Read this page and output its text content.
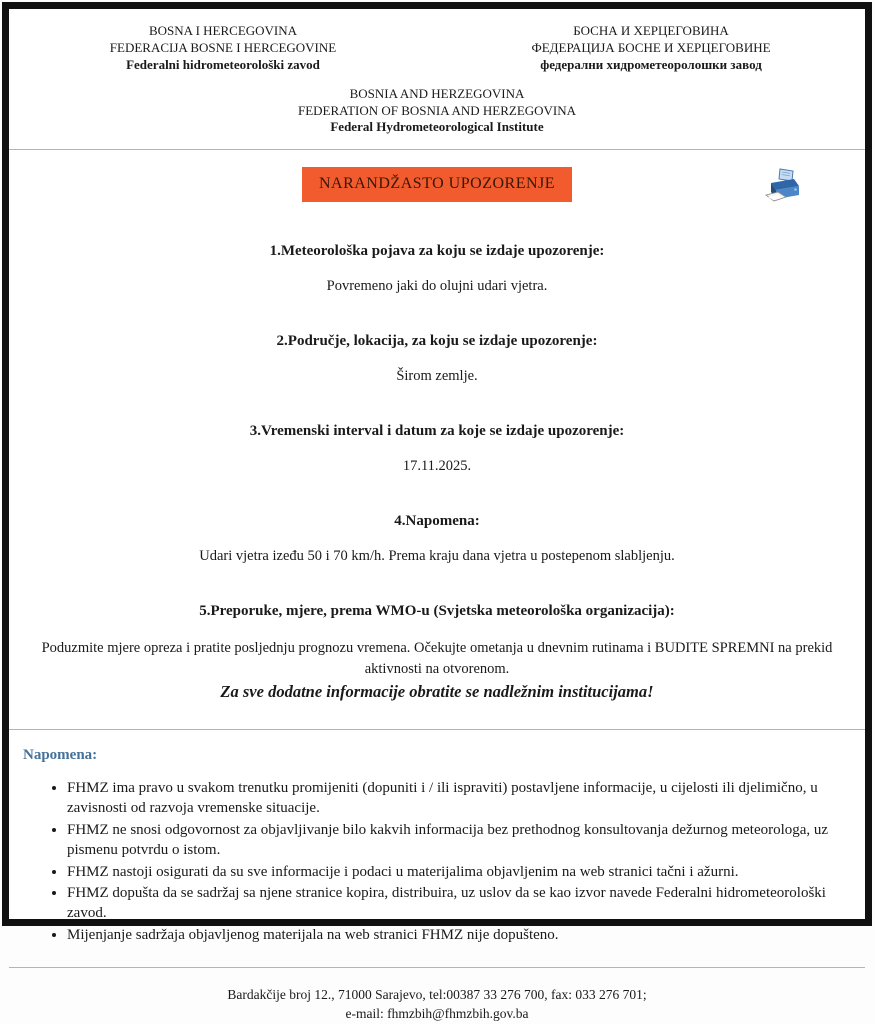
BOSNA I HERCEGOVINA
FEDERACIJA BOSNE I HERCEGOVINE
Federalni hidrometeorološki zavod
БОСНА И ХЕРЦЕГОВИНА
ФЕДЕРАЦИЈА БОСНЕ И ХЕРЦЕГОВИНЕ
федерални хидрометеоролошки завод
BOSNIA AND HERZEGOVINA
FEDERATION OF BOSNIA AND HERZEGOVINA
Federal Hydrometeorological Institute
NARANDŽASTO UPOZORENJE

1.Meteorološka pojava za koju se izdaje upozorenje:

Povremeno jaki do olujni udari vjetra.

2.Područje, lokacija, za koju se izdaje upozorenje:

Širom zemlje.

3.Vremenski interval i datum za koje se izdaje upozorenje:

17.11.2025.

4.Napomena:

Udari vjetra izeđu 50 i 70 km/h. Prema kraju dana vjetra u postepenom slabljenju.

5.Preporuke, mjere, prema WMO-u (Svjetska meteorološka organizacija):

Poduzmite mjere opreza i pratite posljednju prognozu vremena. Očekujte ometanja u dnevnim rutinama i BUDITE SPREMNI na prekid aktivnosti na otvorenom.

Za sve dodatne informacije obratite se nadležnim institucijama!
Napomena:
• FHMZ ima pravo u svakom trenutku promijeniti (dopuniti i / ili ispraviti) postavljene informacije, u cijelosti ili djelimično, u zavisnosti od razvoja vremenske situacije.
• FHMZ ne snosi odgovornost za objavljivanje bilo kakvih informacija bez prethodnog konsultovanja dežurnog meteorologa, uz pismenu potvrdu o istom.
• FHMZ nastoji osigurati da su sve informacije i podaci u materijalima objavljenim na web stranici tačni i ažurni.
• FHMZ dopušta da se sadržaj sa njene stranice kopira, distribuira, uz uslov da se kao izvor navede Federalni hidrometeorološki zavod.
• Mijenjanje sadržaja objavljenog materijala na web stranici FHMZ nije dopušteno.
Bardakčije broj 12., 71000 Sarajevo, tel:00387 33 276 700, fax: 033 276 701;
e-mail: fhmzbih@fhmzbih.gov.ba
